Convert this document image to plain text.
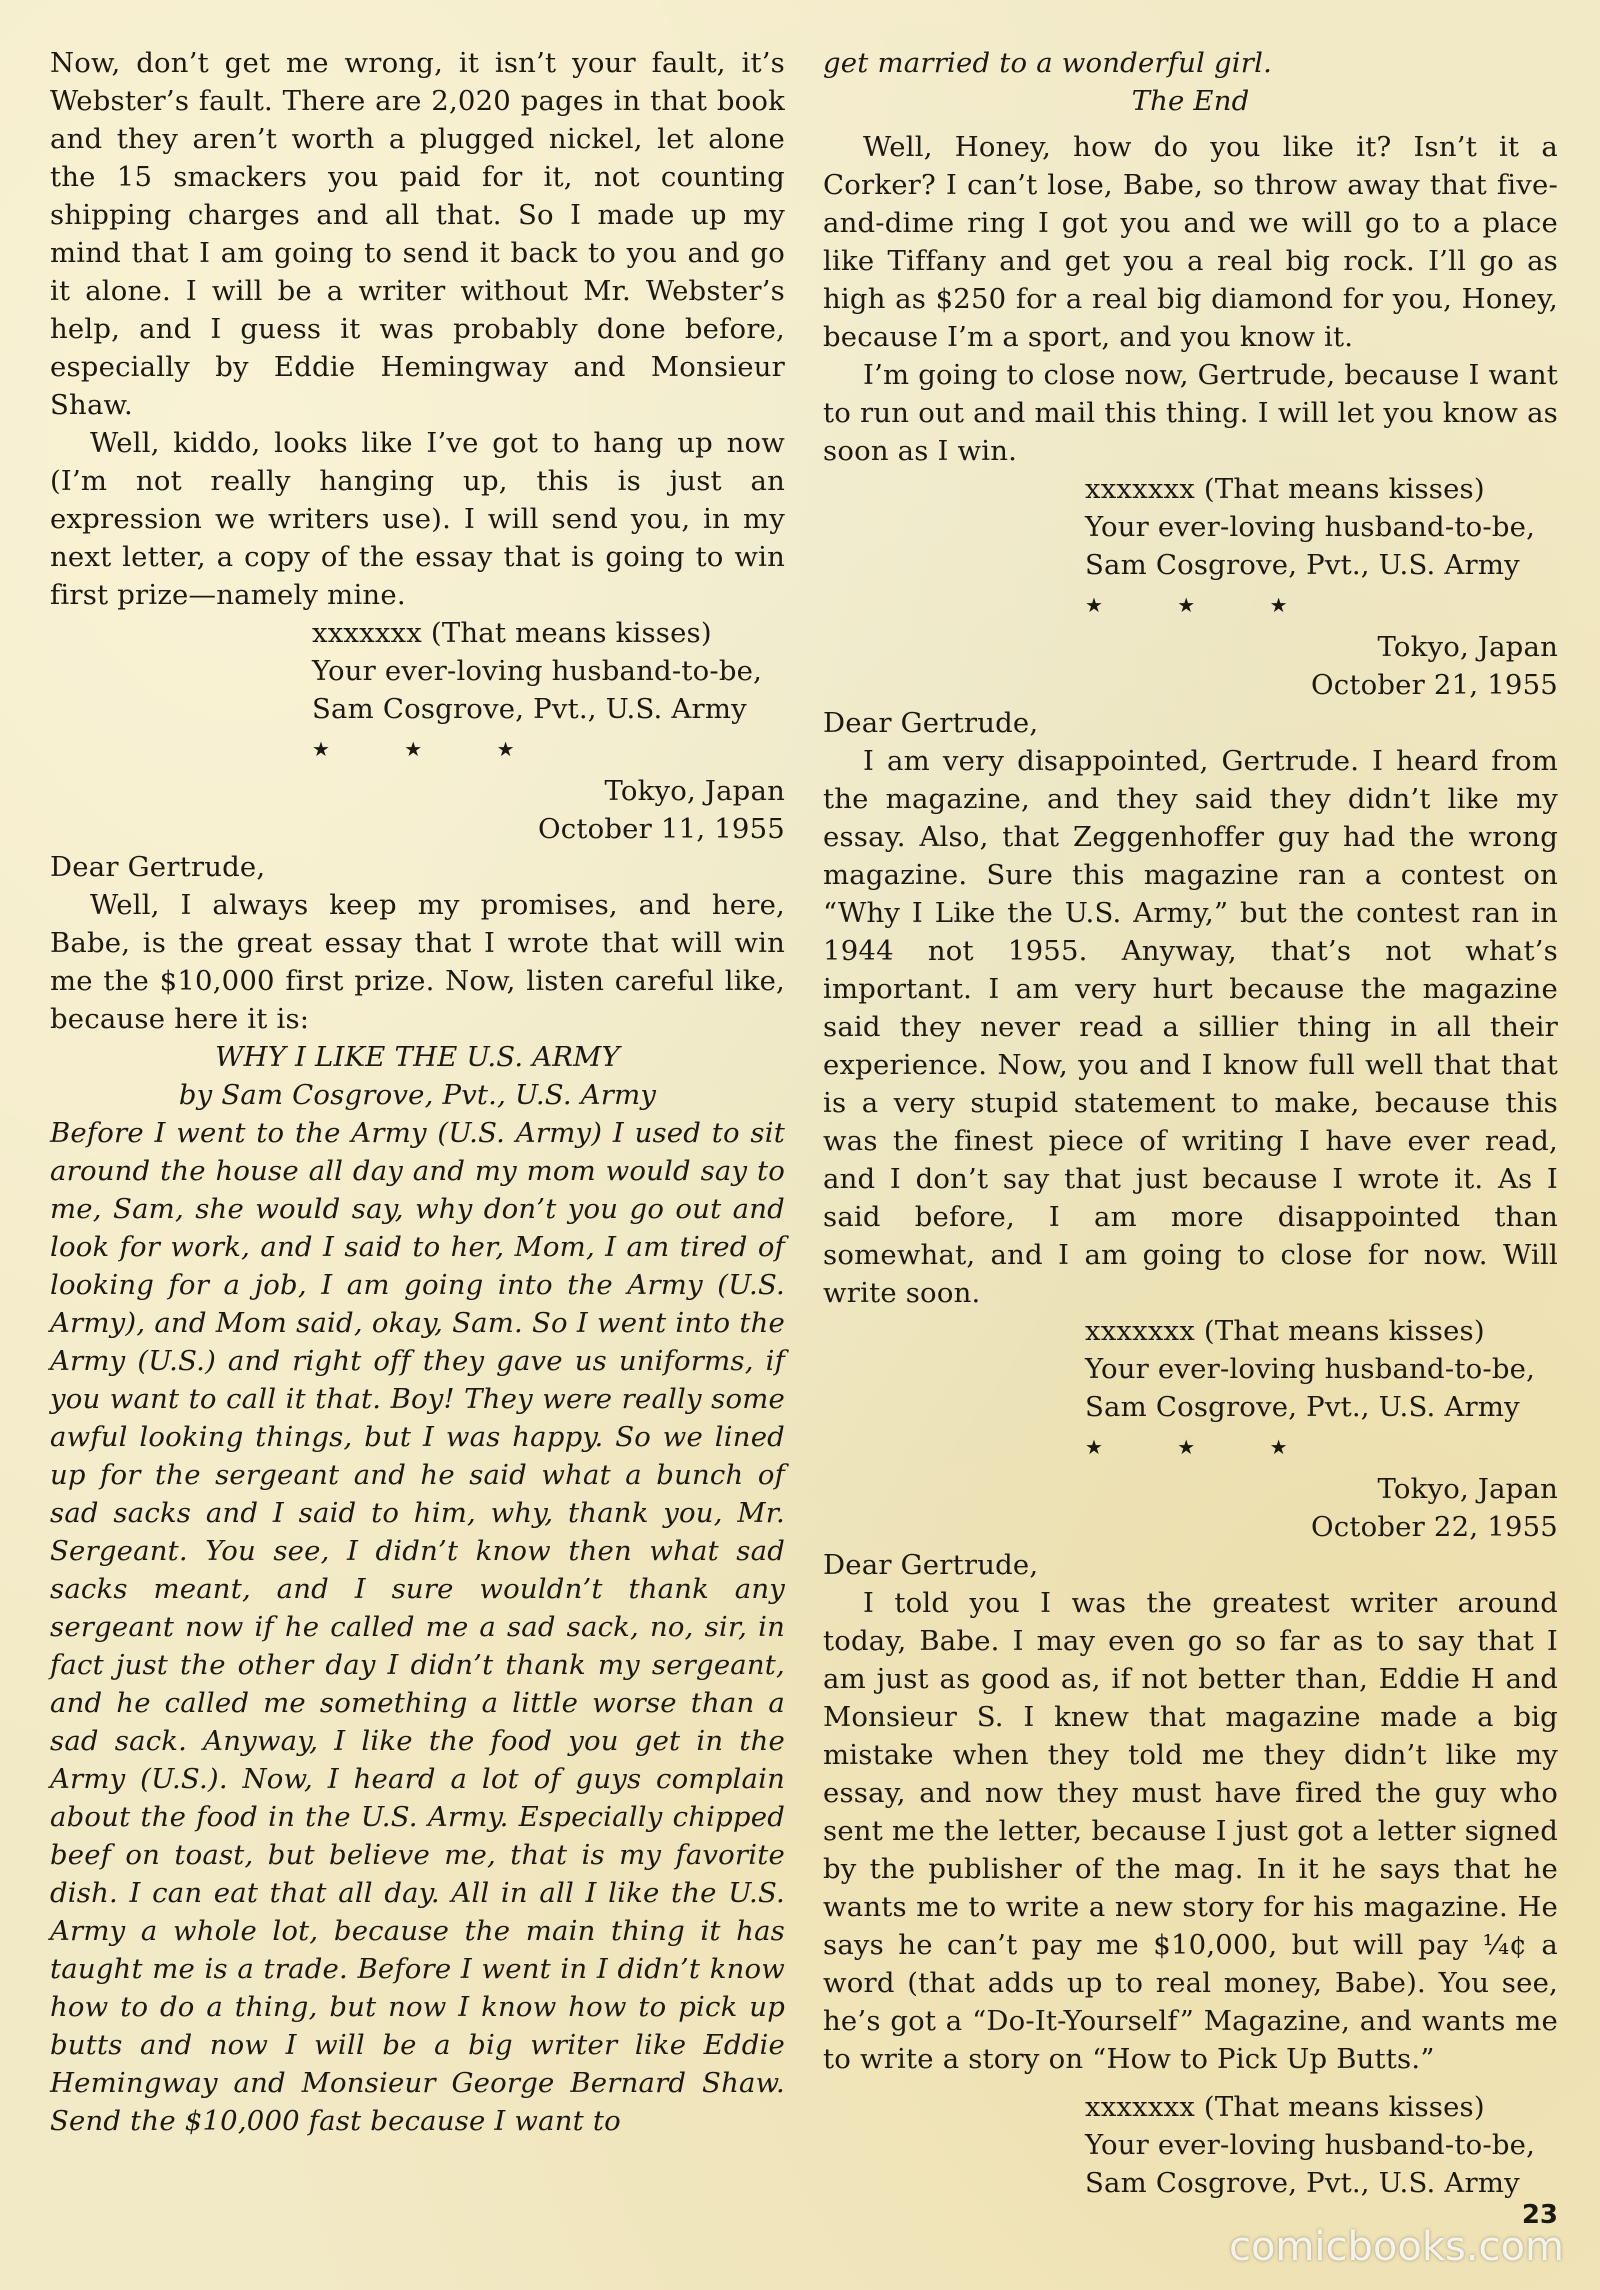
Now, don’t get me wrong, it isn’t your fault, it’s Webster’s fault. There are 2,020 pages in that book and they aren’t worth a plugged nickel, let alone the 15 smackers you paid for it, not counting shipping charges and all that. So I made up my mind that I am going to send it back to you and go it alone. I will be a writer without Mr. Webster’s help, and I guess it was probably done before, especially by Eddie Hemingway and Monsieur Shaw.

Well, kiddo, looks like I’ve got to hang up now (I’m not really hanging up, this is just an expression we writers use). I will send you, in my next letter, a copy of the essay that is going to win first prize—namely mine.

xxxxxxx (That means kisses)

Your ever-loving husband-to-be,

Sam Cosgrove, Pvt., U.S. Army

★ ★ ★

Tokyo, Japan

October 11, 1955

Dear Gertrude,

Well, I always keep my promises, and here, Babe, is the great essay that I wrote that will win me the $10,000 first prize. Now, listen careful like, because here it is:

WHY I LIKE THE U.S. ARMY

by Sam Cosgrove, Pvt., U.S. Army

Before I went to the Army (U.S. Army) I used to sit around the house all day and my mom would say to me, Sam, she would say, why don’t you go out and look for work, and I said to her, Mom, I am tired of looking for a job, I am going into the Army (U.S. Army), and Mom said, okay, Sam. So I went into the Army (U.S.) and right off they gave us uniforms, if you want to call it that. Boy! They were really some awful looking things, but I was happy. So we lined up for the sergeant and he said what a bunch of sad sacks and I said to him, why, thank you, Mr. Sergeant. You see, I didn’t know then what sad sacks meant, and I sure wouldn’t thank any sergeant now if he called me a sad sack, no, sir, in fact just the other day I didn’t thank my sergeant, and he called me something a little worse than a sad sack. Anyway, I like the food you get in the Army (U.S.). Now, I heard a lot of guys complain about the food in the U.S. Army. Especially chipped beef on toast, but believe me, that is my favorite dish. I can eat that all day. All in all I like the U.S. Army a whole lot, because the main thing it has taught me is a trade. Before I went in I didn’t know how to do a thing, but now I know how to pick up butts and now I will be a big writer like Eddie Hemingway and Monsieur George Bernard Shaw. Send the $10,000 fast because I want to

get married to a wonderful girl.

The End

Well, Honey, how do you like it? Isn’t it a Corker? I can’t lose, Babe, so throw away that five-and-dime ring I got you and we will go to a place like Tiffany and get you a real big rock. I’ll go as high as $250 for a real big diamond for you, Honey, because I’m a sport, and you know it.

I’m going to close now, Gertrude, because I want to run out and mail this thing. I will let you know as soon as I win.

xxxxxxx (That means kisses)

Your ever-loving husband-to-be,

Sam Cosgrove, Pvt., U.S. Army

★ ★ ★

Tokyo, Japan

October 21, 1955

Dear Gertrude,

I am very disappointed, Gertrude. I heard from the magazine, and they said they didn’t like my essay. Also, that Zeggenhoffer guy had the wrong magazine. Sure this magazine ran a contest on “Why I Like the U.S. Army,” but the contest ran in 1944 not 1955. Anyway, that’s not what’s important. I am very hurt because the magazine said they never read a sillier thing in all their experience. Now, you and I know full well that that is a very stupid statement to make, because this was the finest piece of writing I have ever read, and I don’t say that just because I wrote it. As I said before, I am more disappointed than somewhat, and I am going to close for now. Will write soon.

xxxxxxx (That means kisses)

Your ever-loving husband-to-be,

Sam Cosgrove, Pvt., U.S. Army

★ ★ ★

Tokyo, Japan

October 22, 1955

Dear Gertrude,

I told you I was the greatest writer around today, Babe. I may even go so far as to say that I am just as good as, if not better than, Eddie H and Monsieur S. I knew that magazine made a big mistake when they told me they didn’t like my essay, and now they must have fired the guy who sent me the letter, because I just got a letter signed by the publisher of the mag. In it he says that he wants me to write a new story for his magazine. He says he can’t pay me $10,000, but will pay ¼¢ a word (that adds up to real money, Babe). You see, he’s got a “Do-It-Yourself” Magazine, and wants me to write a story on “How to Pick Up Butts.”

xxxxxxx (That means kisses)

Your ever-loving husband-to-be,

Sam Cosgrove, Pvt., U.S. Army

comicbooks.com
23
